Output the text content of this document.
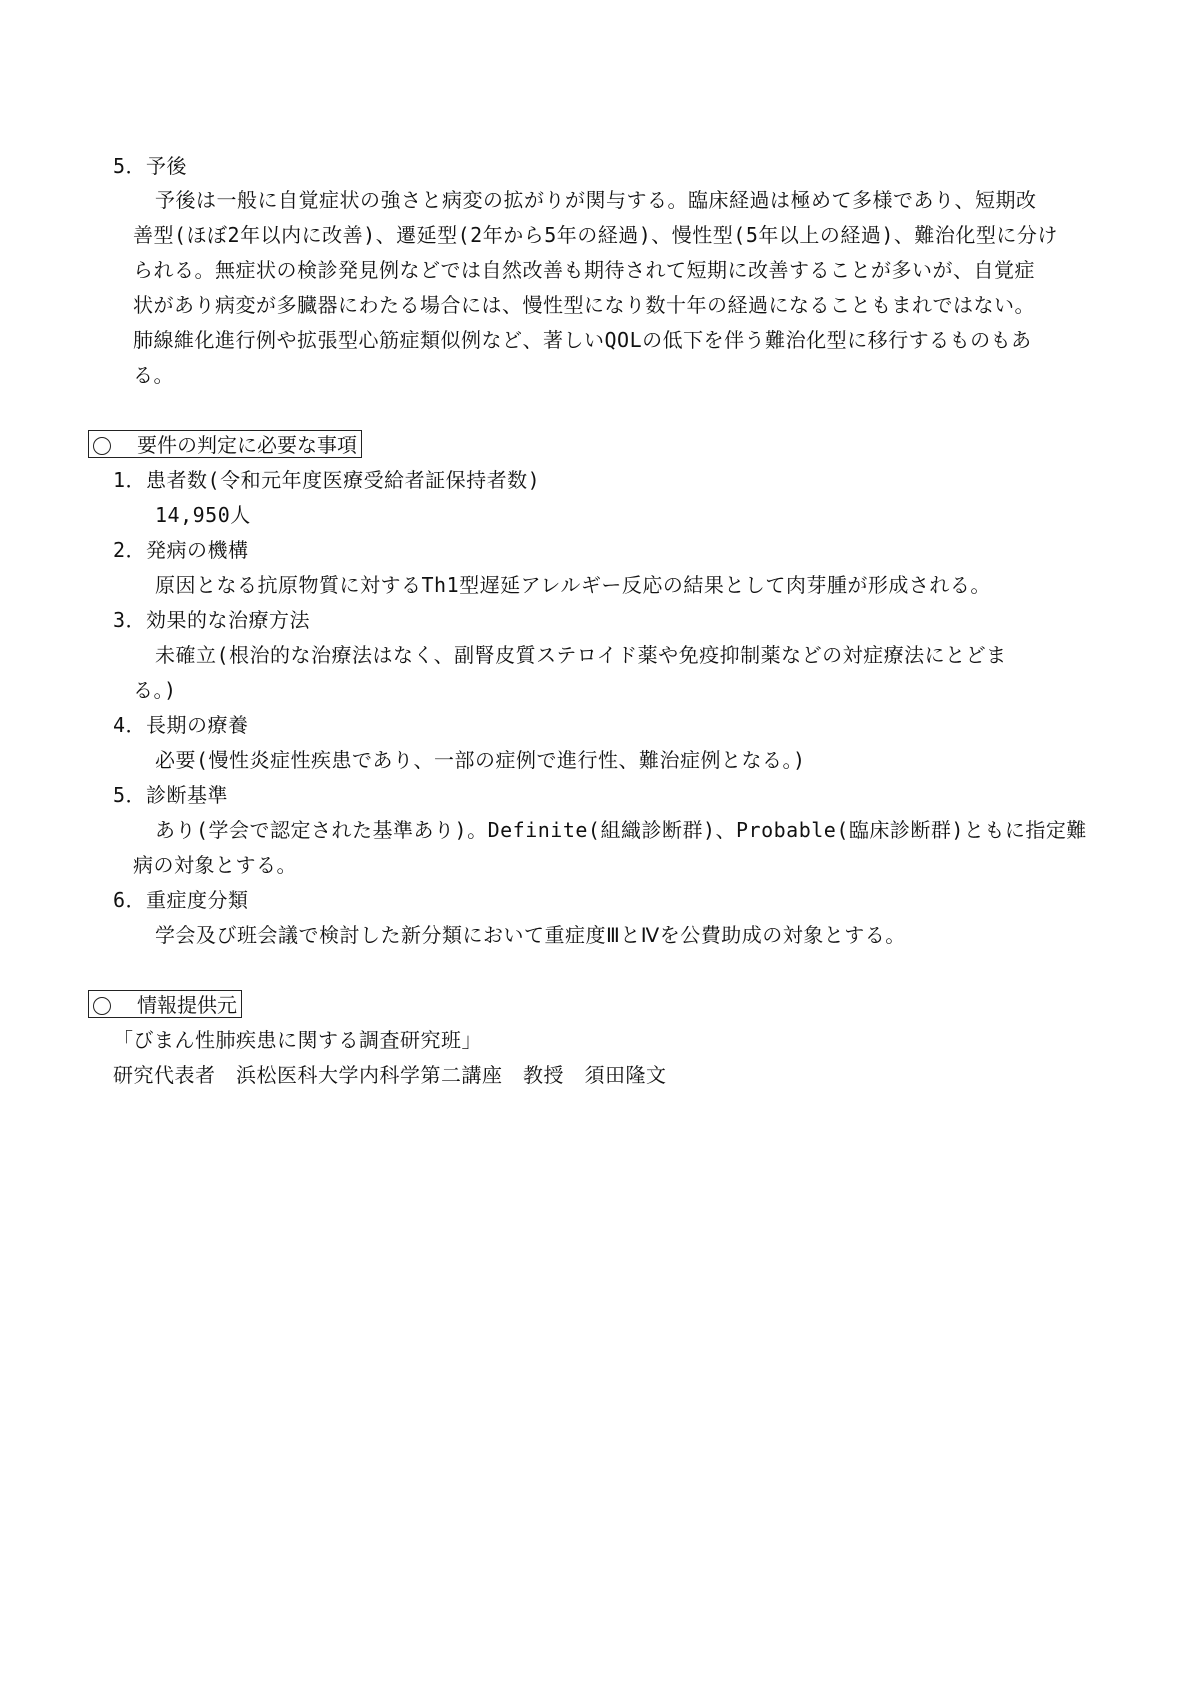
5．予後
予後は一般に自覚症状の強さと病変の拡がりが関与する。臨床経過は極めて多様であり、短期改
善型(ほぼ2年以内に改善)、遷延型(2年から5年の経過)、慢性型(5年以上の経過)、難治化型に分け
られる。無症状の検診発見例などでは自然改善も期待されて短期に改善することが多いが、自覚症
状があり病変が多臓器にわたる場合には、慢性型になり数十年の経過になることもまれではない。
肺線維化進行例や拡張型心筋症類似例など、著しいQOLの低下を伴う難治化型に移行するものもあ
る。
要件の判定に必要な事項
1．患者数(令和元年度医療受給者証保持者数)
14,950人
2．発病の機構
原因となる抗原物質に対するTh1型遅延アレルギー反応の結果として肉芽腫が形成される。
3．効果的な治療方法
未確立(根治的な治療法はなく、副腎皮質ステロイド薬や免疫抑制薬などの対症療法にとどま
る。)
4．長期の療養
必要(慢性炎症性疾患であり、一部の症例で進行性、難治症例となる。)
5．診断基準
あり(学会で認定された基準あり)。Definite(組織診断群)、Probable(臨床診断群)ともに指定難
病の対象とする。
6．重症度分類
学会及び班会議で検討した新分類において重症度ⅢとⅣを公費助成の対象とする。
情報提供元
「びまん性肺疾患に関する調査研究班」
研究代表者　浜松医科大学内科学第二講座　教授　須田隆文
